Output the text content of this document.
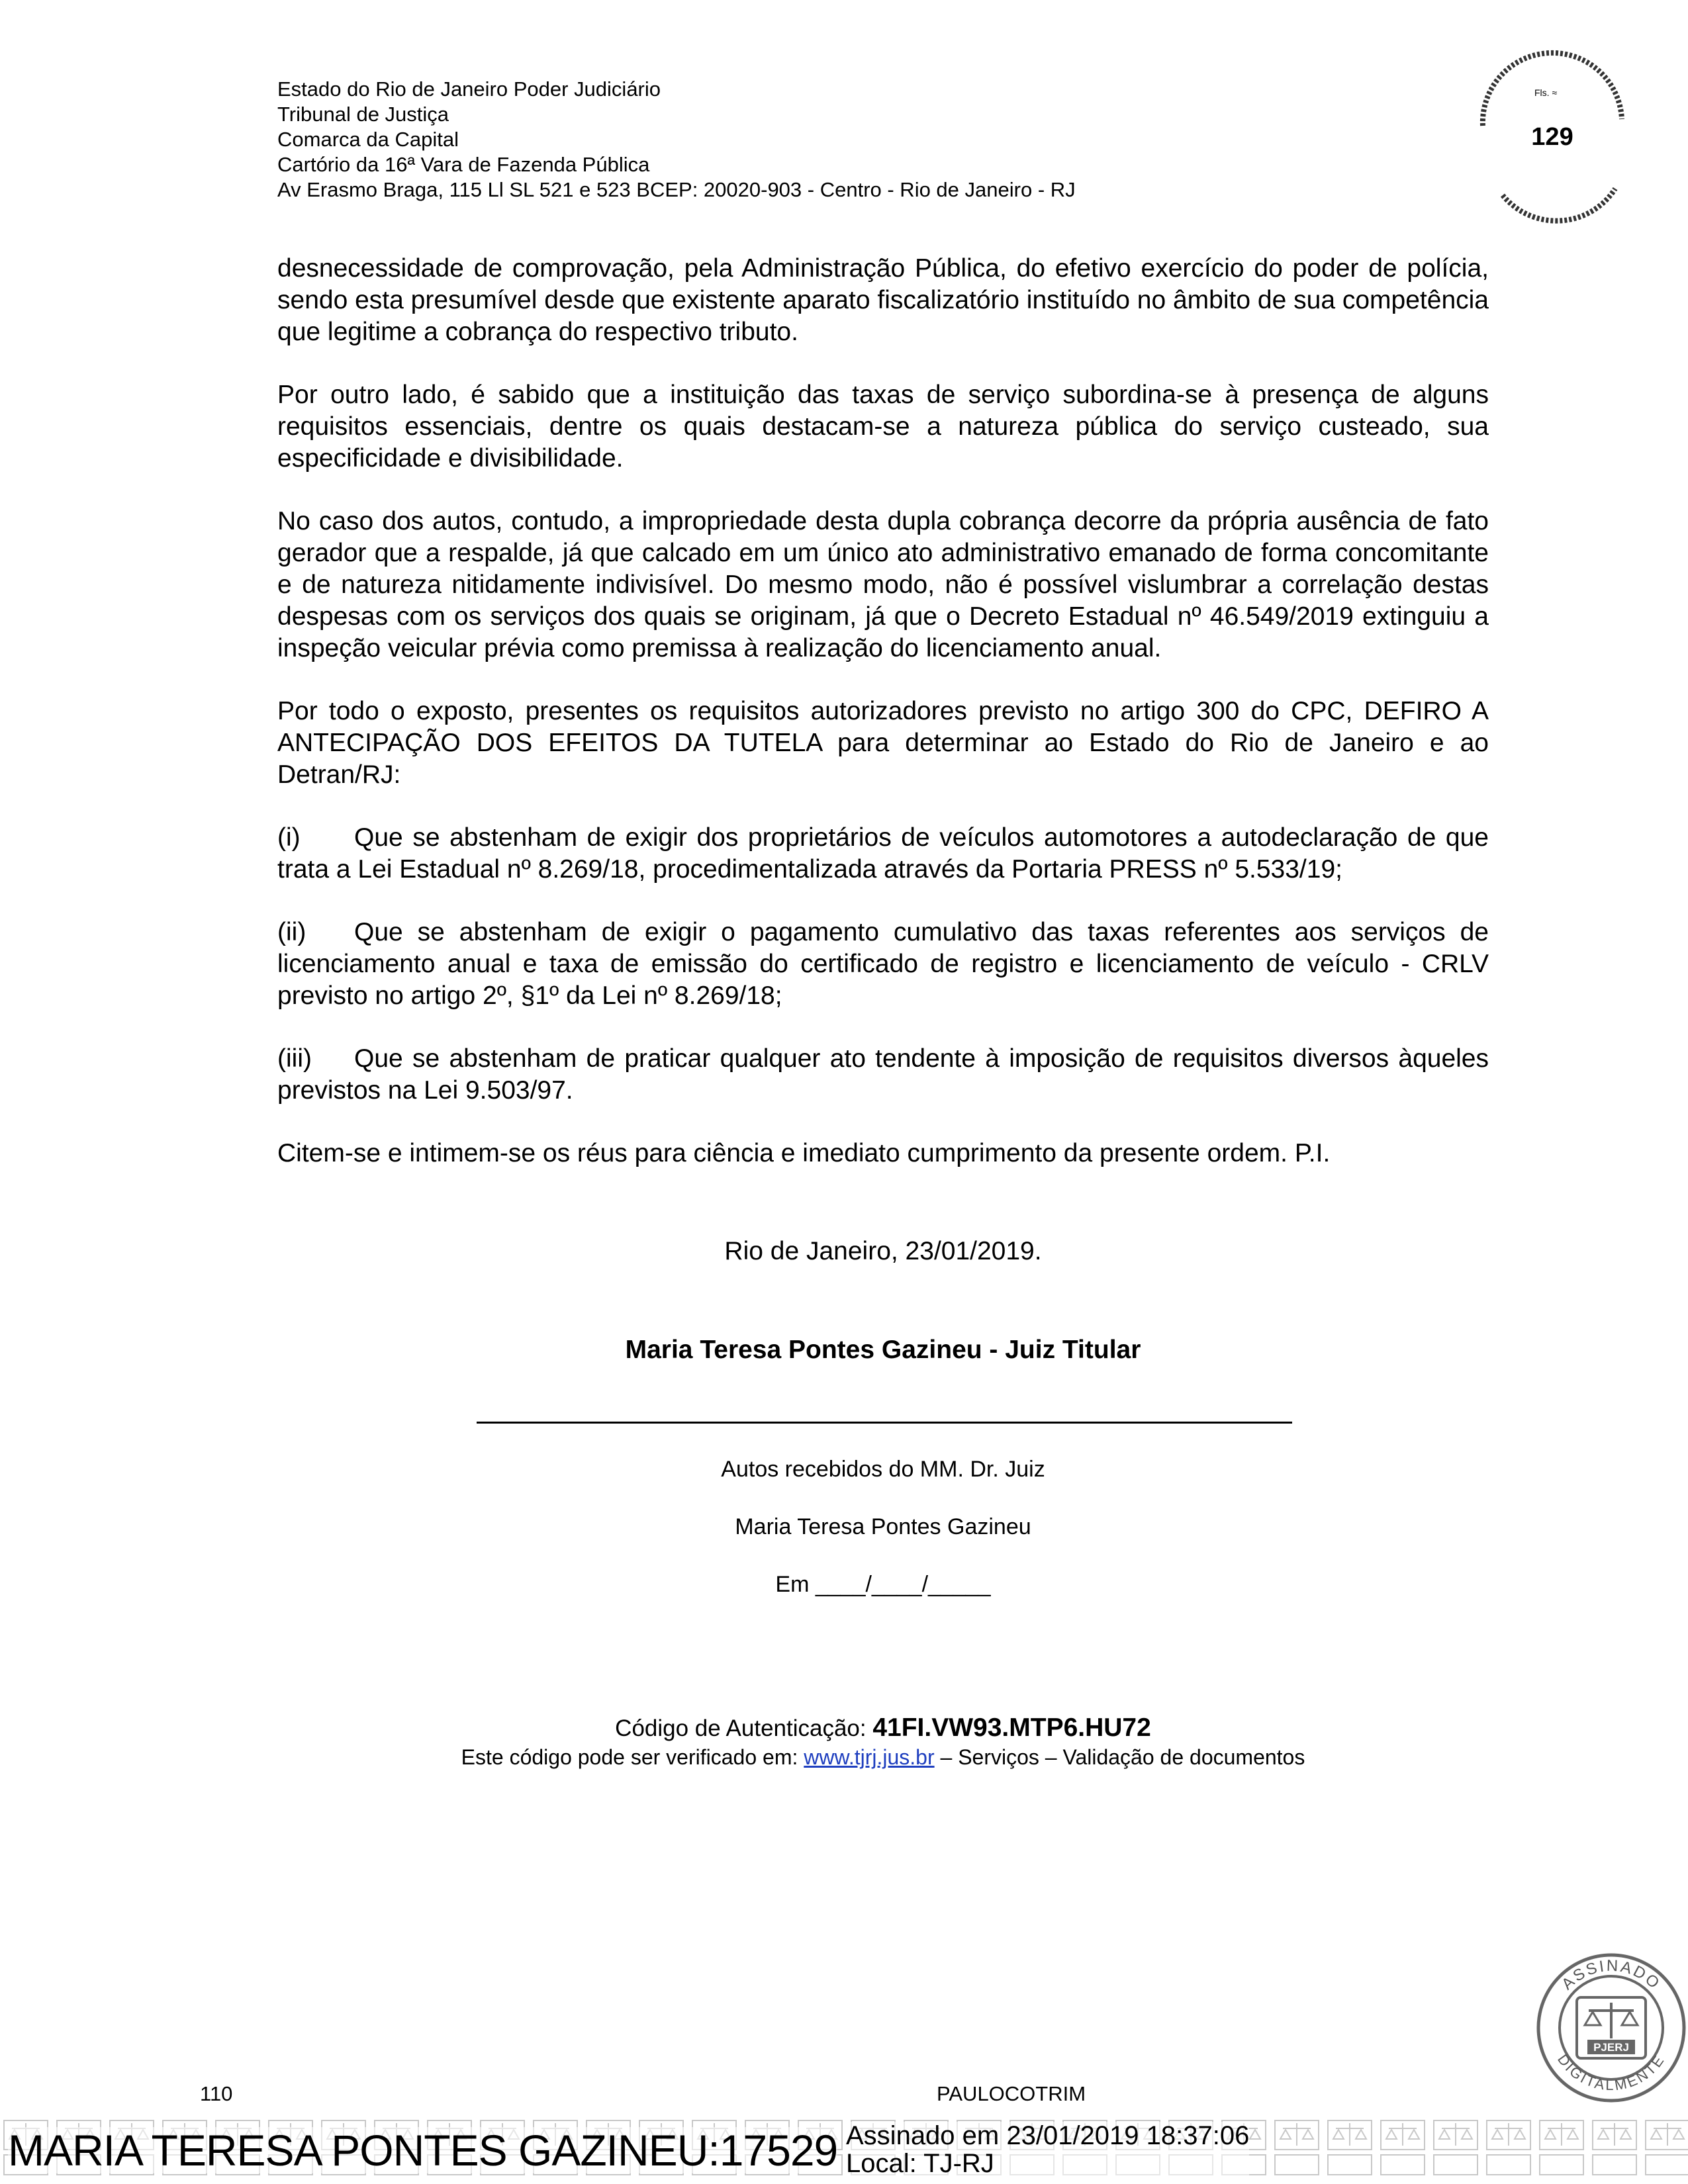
Estado do Rio de Janeiro Poder Judiciário
Tribunal de Justiça
Comarca da Capital
Cartório da 16ª Vara de Fazenda Pública
Av Erasmo Braga, 115 Ll SL 521 e 523 BCEP: 20020-903 - Centro - Rio de Janeiro - RJ
Fls. ≈
129

desnecessidade de comprovação, pela Administração Pública, do efetivo exercício do poder de polícia, sendo esta presumível desde que existente aparato fiscalizatório instituído no âmbito de sua competência que legitime a cobrança do respectivo tributo.

Por outro lado, é sabido que a instituição das taxas de serviço subordina-se à presença de alguns requisitos essenciais, dentre os quais destacam-se a natureza pública do serviço custeado, sua especificidade e divisibilidade.

No caso dos autos, contudo, a impropriedade desta dupla cobrança decorre da própria ausência de fato gerador que a respalde, já que calcado em um único ato administrativo emanado de forma concomitante e de natureza nitidamente indivisível. Do mesmo modo, não é possível vislumbrar a correlação destas despesas com os serviços dos quais se originam, já que o Decreto Estadual nº 46.549/2019 extinguiu a inspeção veicular prévia como premissa à realização do licenciamento anual.

Por todo o exposto, presentes os requisitos autorizadores previsto no artigo 300 do CPC, DEFIRO A ANTECIPAÇÃO DOS EFEITOS DA TUTELA para determinar ao Estado do Rio de Janeiro e ao Detran/RJ:

(i) Que se abstenham de exigir dos proprietários de veículos automotores a autodeclaração de que trata a Lei Estadual nº 8.269/18, procedimentalizada através da Portaria PRESS nº 5.533/19;

(ii) Que se abstenham de exigir o pagamento cumulativo das taxas referentes aos serviços de licenciamento anual e taxa de emissão do certificado de registro e licenciamento de veículo - CRLV previsto no artigo 2º, §1º da Lei nº 8.269/18;

(iii) Que se abstenham de praticar qualquer ato tendente à imposição de requisitos diversos àqueles previstos na Lei 9.503/97.

Citem-se e intimem-se os réus para ciência e imediato cumprimento da presente ordem. P.I.

Rio de Janeiro, 23/01/2019.
Maria Teresa Pontes Gazineu - Juiz Titular
Autos recebidos do MM. Dr. Juiz
Maria Teresa Pontes Gazineu
Em ____/____/_____
Código de Autenticação: 41FI.VW93.MTP6.HU72
Este código pode ser verificado em: www.tjrj.jus.br – Serviços – Validação de documentos
110	PAULOCOTRIM
ASSINADO
DIGITALMENTE
PJERJ
MARIA TERESA PONTES GAZINEU:17529 Assinado em 23/01/2019 18:37:06
Local: TJ-RJ
